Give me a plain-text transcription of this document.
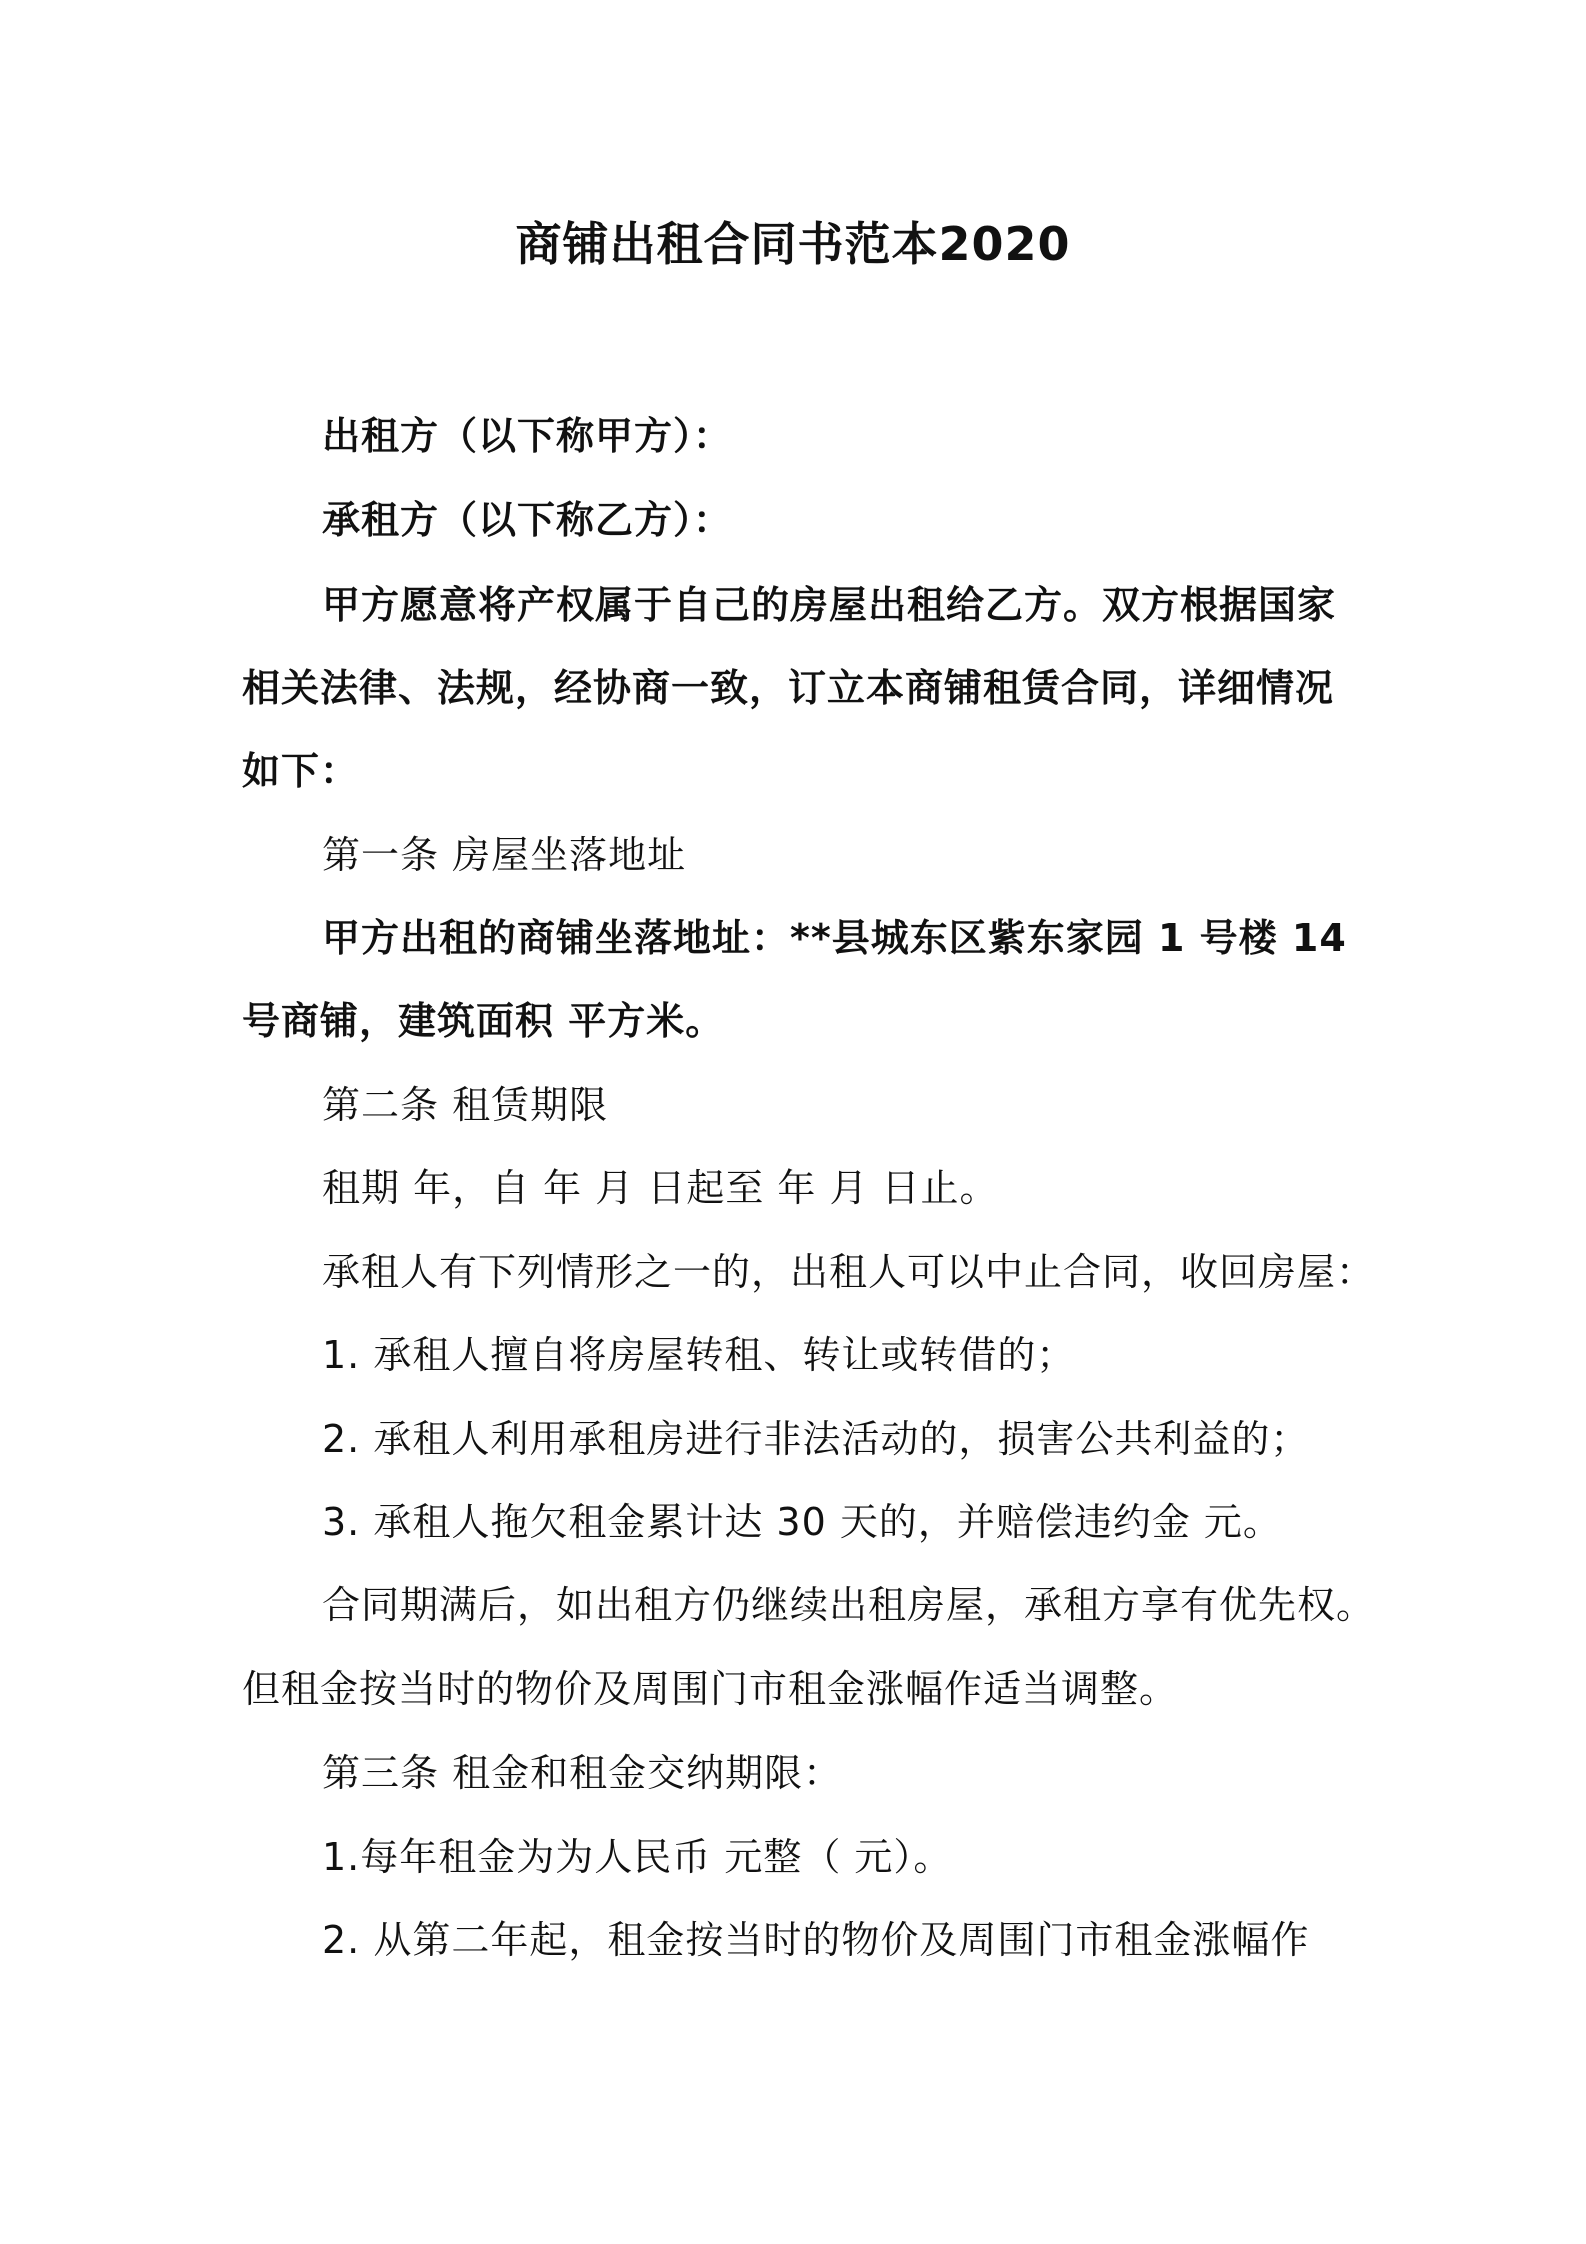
商铺出租合同书范本2020

出租方（以下称甲方）：

承租方（以下称乙方）：

甲方愿意将产权属于自己的房屋出租给乙方。双方根据国家

相关法律、法规，经协商一致，订立本商铺租赁合同，详细情况

如下：

第一条 房屋坐落地址

甲方出租的商铺坐落地址：**县城东区紫东家园 1 号楼 14

号商铺，建筑面积 平方米。

第二条 租赁期限

租期 年，自 年 月 日起至 年 月 日止。

承租人有下列情形之一的，出租人可以中止合同，收回房屋：

1. 承租人擅自将房屋转租、转让或转借的；

2. 承租人利用承租房进行非法活动的，损害公共利益的；

3. 承租人拖欠租金累计达 30 天的，并赔偿违约金 元。

合同期满后，如出租方仍继续出租房屋，承租方享有优先权。

但租金按当时的物价及周围门市租金涨幅作适当调整。

第三条 租金和租金交纳期限：

1.每年租金为为人民币 元整（ 元）。

2. 从第二年起，租金按当时的物价及周围门市租金涨幅作
